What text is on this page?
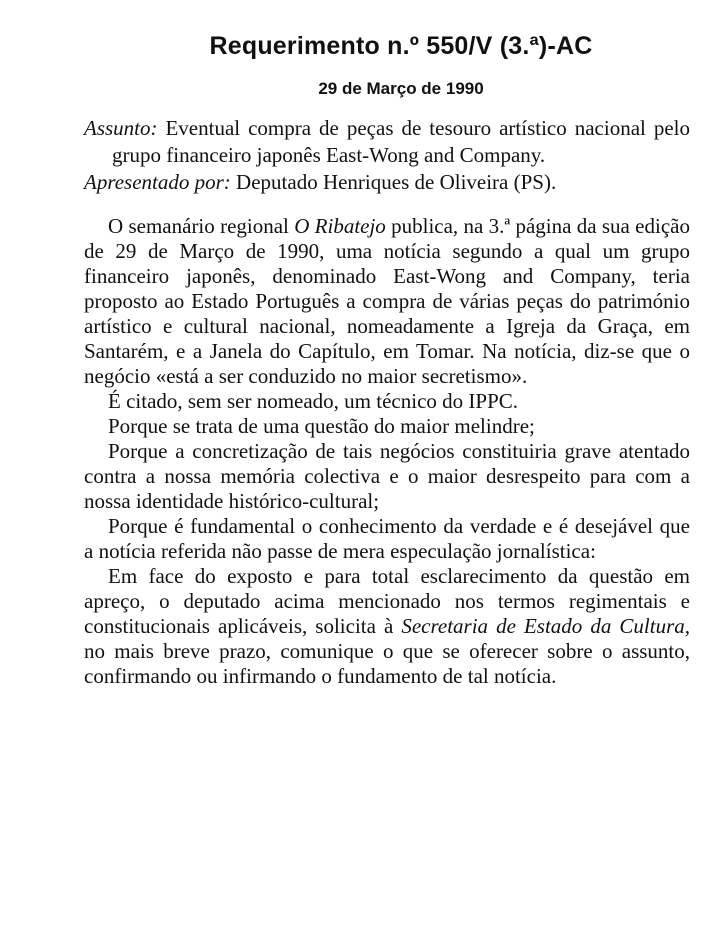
Requerimento n.º 550/V (3.ª)-AC
29 de Março de 1990

Assunto: Eventual compra de peças de tesouro artístico nacional pelo grupo financeiro japonês East-Wong and Company.

Apresentado por: Deputado Henriques de Oliveira (PS).

O semanário regional O Ribatejo publica, na 3.ª página da sua edição de 29 de Março de 1990, uma notícia segundo a qual um grupo financeiro japonês, denominado East-Wong and Company, teria proposto ao Estado Português a compra de várias peças do património artístico e cultural nacional, nomeadamente a Igreja da Graça, em Santarém, e a Janela do Capítulo, em Tomar. Na notícia, diz-se que o negócio «está a ser conduzido no maior secretismo».

É citado, sem ser nomeado, um técnico do IPPC.

Porque se trata de uma questão do maior melindre;

Porque a concretização de tais negócios constituiria grave atentado contra a nossa memória colectiva e o maior desrespeito para com a nossa identidade histórico-cultural;

Porque é fundamental o conhecimento da verdade e é desejável que a notícia referida não passe de mera especulação jornalística:

Em face do exposto e para total esclarecimento da questão em apreço, o deputado acima mencionado nos termos regimentais e constitucionais aplicáveis, solicita à Secretaria de Estado da Cultura, no mais breve prazo, comunique o que se oferecer sobre o assunto, confirmando ou infirmando o fundamento de tal notícia.
